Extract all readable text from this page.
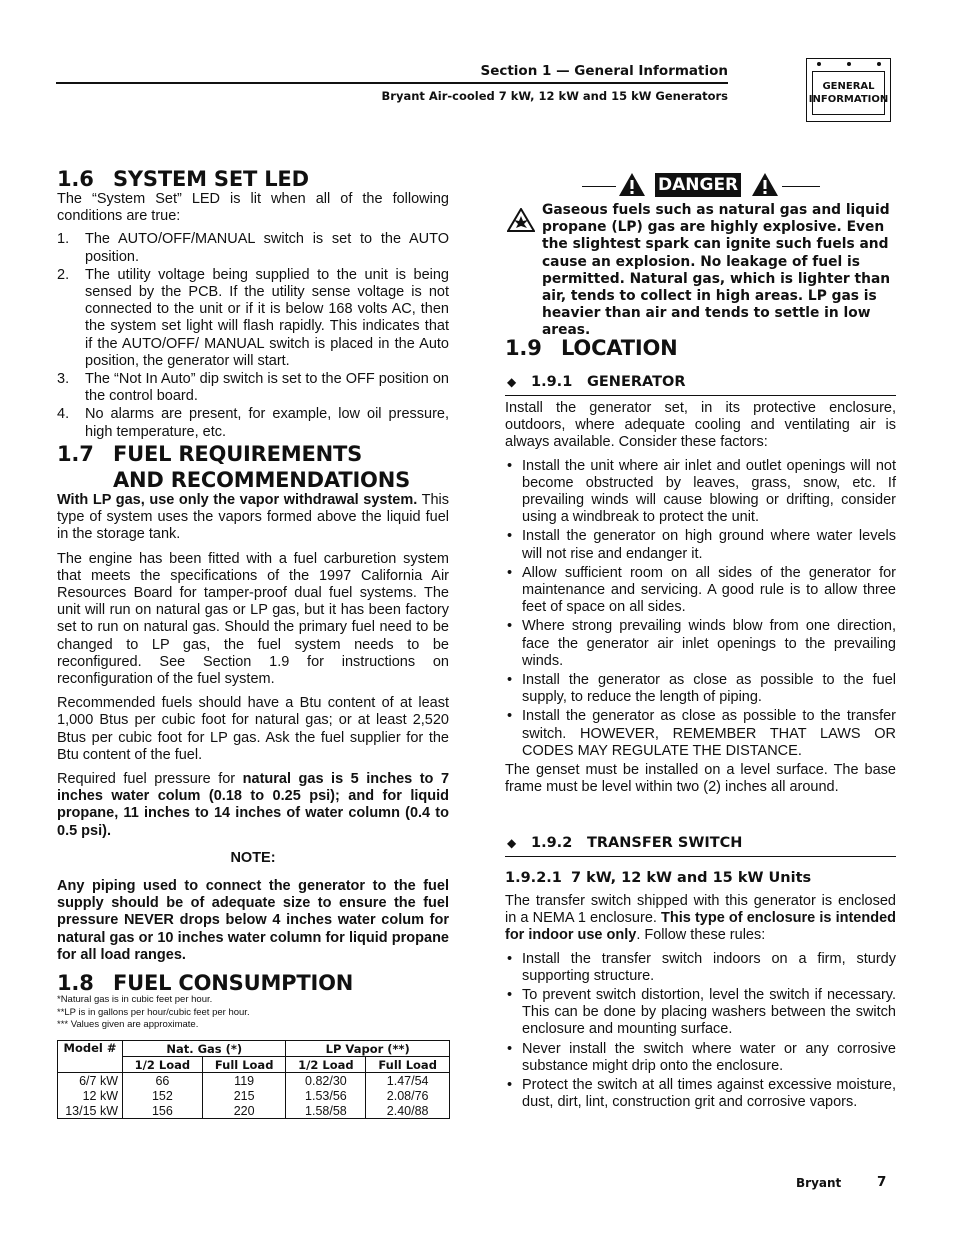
Section 1 — General Information
Bryant Air-cooled 7 kW, 12 kW and 15 kW Generators
GENERAL
INFORMATION
1.6 SYSTEM SET LED

The “System Set” LED is lit when all of the following conditions are true:

1. The AUTO/OFF/MANUAL switch is set to the AUTO position.
2. The utility voltage being supplied to the unit is being sensed by the PCB. If the utility sense voltage is not connected to the unit or if it is below 168 volts AC, then the system set light will flash rapidly. This indicates that if the AUTO/OFF/ MANUAL switch is placed in the Auto position, the generator will start.
3. The “Not In Auto” dip switch is set to the OFF position on the control board.
4. No alarms are present, for example, low oil pressure, high temperature, etc.
1.7 FUEL REQUIREMENTS
AND RECOMMENDATIONS

With LP gas, use only the vapor withdrawal system. This type of system uses the vapors formed above the liquid fuel in the storage tank.

The engine has been fitted with a fuel carburetion system that meets the specifications of the 1997 California Air Resources Board for tamper-proof dual fuel systems. The unit will run on natural gas or LP gas, but it has been factory set to run on natural gas. Should the primary fuel need to be changed to LP gas, the fuel system needs to be reconfigured. See Section 1.9 for instructions on reconfiguration of the fuel system.

Recommended fuels should have a Btu content of at least 1,000 Btus per cubic foot for natural gas; or at least 2,520 Btus per cubic foot for LP gas. Ask the fuel supplier for the Btu content of the fuel.

Required fuel pressure for natural gas is 5 inches to 7 inches water colum (0.18 to 0.25 psi); and for liquid propane, 11 inches to 14 inches of water column (0.4 to 0.5 psi).

NOTE:

Any piping used to connect the generator to the fuel supply should be of adequate size to ensure the fuel pressure NEVER drops below 4 inches water colum for natural gas or 10 inches water column for liquid propane for all load ranges.

1.8 FUEL CONSUMPTION
*Natural gas is in cubic feet per hour.
**LP is in gallons per hour/cubic feet per hour.
*** Values given are approximate.
Model #	Nat. Gas (*)		LP Vapor (**)	
	1/2 Load	Full Load	1/2 Load	Full Load
6/7 kW	66	119	0.82/30	1.47/54
12 kW	152	215	1.53/56	2.08/76
13/15 kW	156	220	1.58/58	2.40/88
DANGER
Gaseous fuels such as natural gas and liquid propane (LP) gas are highly explosive. Even the slightest spark can ignite such fuels and cause an explosion. No leakage of fuel is permitted. Natural gas, which is lighter than air, tends to collect in high areas. LP gas is heavier than air and tends to settle in low areas.
1.9 LOCATION
◆ 1.9.1 GENERATOR

Install the generator set, in its protective enclosure, outdoors, where adequate cooling and ventilating air is always available. Consider these factors:

• Install the unit where air inlet and outlet openings will not become obstructed by leaves, grass, snow, etc. If prevailing winds will cause blowing or drifting, consider using a windbreak to protect the unit.
• Install the generator on high ground where water levels will not rise and endanger it.
• Allow sufficient room on all sides of the generator for maintenance and servicing. A good rule is to allow three feet of space on all sides.
• Where strong prevailing winds blow from one direction, face the generator air inlet openings to the prevailing winds.
• Install the generator as close as possible to the fuel supply, to reduce the length of piping.
• Install the generator as close as possible to the transfer switch. HOWEVER, REMEMBER THAT LAWS OR CODES MAY REGULATE THE DISTANCE.

The genset must be installed on a level surface. The base frame must be level within two (2) inches all around.

◆ 1.9.2 TRANSFER SWITCH
1.9.2.1 7 kW, 12 kW and 15 kW Units

The transfer switch shipped with this generator is enclosed in a NEMA 1 enclosure. This type of enclosure is intended for indoor use only. Follow these rules:

• Install the transfer switch indoors on a firm, sturdy supporting structure.
• To prevent switch distortion, level the switch if necessary. This can be done by placing washers between the switch enclosure and mounting surface.
• Never install the switch where water or any corrosive substance might drip onto the enclosure.
• Protect the switch at all times against excessive moisture, dust, dirt, lint, construction grit and corrosive vapors.
Bryant	7
